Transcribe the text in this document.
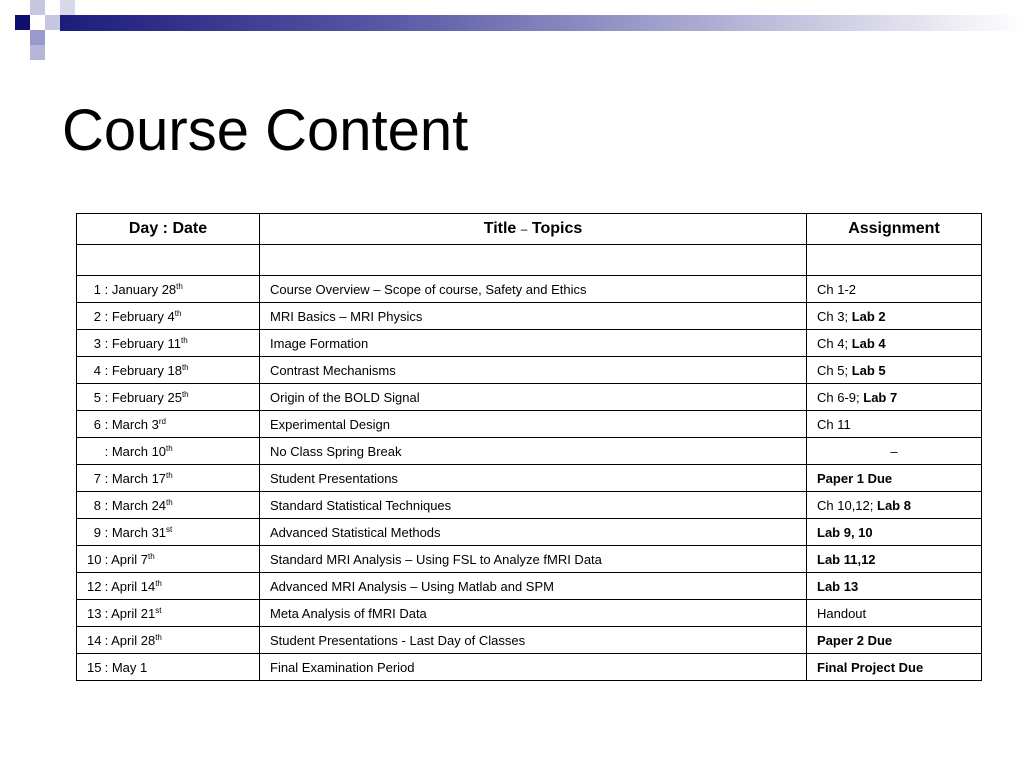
Course Content
Day : Date	Title – Topics	Assignment

1 : January 28th	Course Overview – Scope of course, Safety and Ethics	Ch 1-2
2 : February 4th	MRI Basics – MRI Physics	Ch 3; Lab 2
3 : February 11th	Image Formation	Ch 4; Lab 4
4 : February 18th	Contrast Mechanisms	Ch 5; Lab 5
5 : February 25th	Origin of the BOLD Signal	Ch 6-9; Lab 7
6 : March 3rd	Experimental Design	Ch 11
: March 10th	No Class Spring Break	–
7 : March 17th	Student Presentations	Paper 1 Due
8 : March 24th	Standard Statistical Techniques	Ch 10,12; Lab 8
9 : March 31st	Advanced Statistical Methods	Lab 9, 10
10 : April 7th	Standard MRI Analysis – Using FSL to Analyze fMRI Data	Lab 11,12
12 : April 14th	Advanced MRI Analysis – Using Matlab and SPM	Lab 13
13 : April 21st	Meta Analysis of fMRI Data	Handout
14 : April 28th	Student Presentations - Last Day of Classes	Paper 2 Due
15 : May 1	Final Examination Period	Final Project Due
